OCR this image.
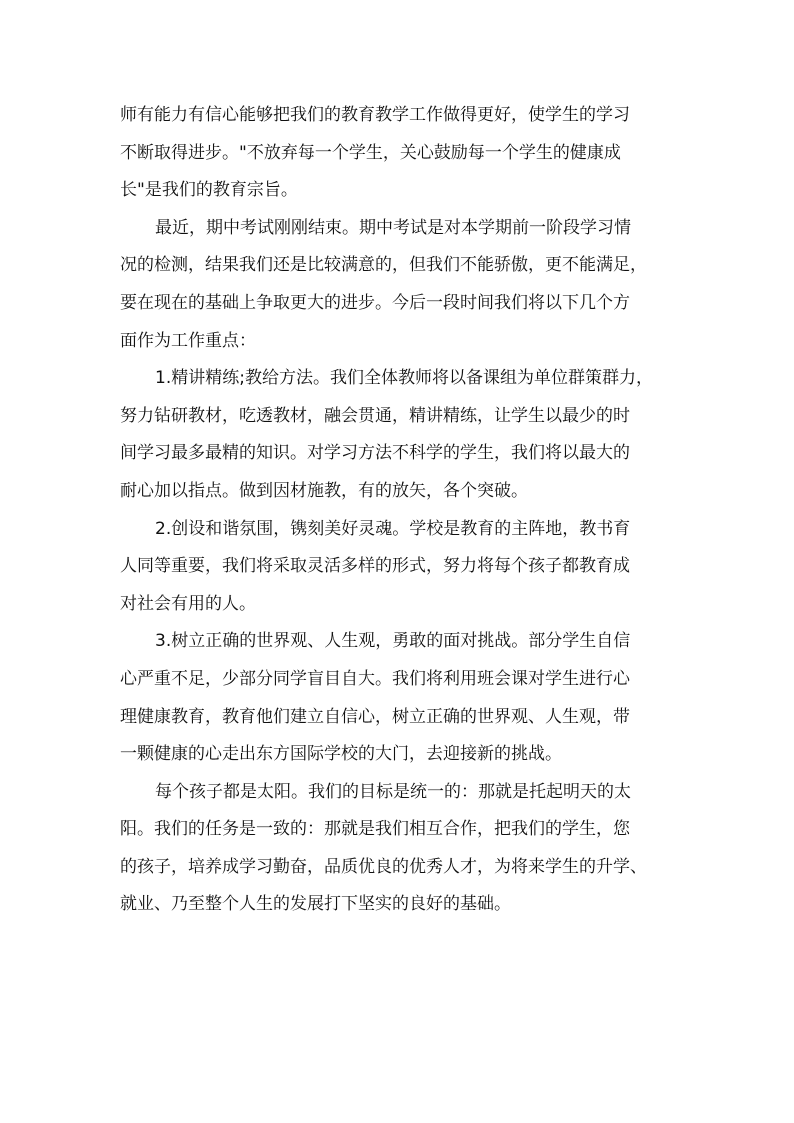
师有能力有信心能够把我们的教育教学工作做得更好，使学生的学习
不断取得进步。"不放弃每一个学生，关心鼓励每一个学生的健康成
长"是我们的教育宗旨。
最近，期中考试刚刚结束。期中考试是对本学期前一阶段学习情
况的检测，结果我们还是比较满意的，但我们不能骄傲，更不能满足，
要在现在的基础上争取更大的进步。今后一段时间我们将以下几个方
面作为工作重点：
1.精讲精练;教给方法。我们全体教师将以备课组为单位群策群力，
努力钻研教材，吃透教材，融会贯通，精讲精练，让学生以最少的时
间学习最多最精的知识。对学习方法不科学的学生，我们将以最大的
耐心加以指点。做到因材施教，有的放矢，各个突破。
2.创设和谐氛围，镌刻美好灵魂。学校是教育的主阵地，教书育
人同等重要，我们将采取灵活多样的形式，努力将每个孩子都教育成
对社会有用的人。
3.树立正确的世界观、人生观，勇敢的面对挑战。部分学生自信
心严重不足，少部分同学盲目自大。我们将利用班会课对学生进行心
理健康教育，教育他们建立自信心，树立正确的世界观、人生观，带
一颗健康的心走出东方国际学校的大门，去迎接新的挑战。
每个孩子都是太阳。我们的目标是统一的：那就是托起明天的太
阳。我们的任务是一致的：那就是我们相互合作，把我们的学生，您
的孩子，培养成学习勤奋，品质优良的优秀人才，为将来学生的升学、
就业、乃至整个人生的发展打下坚实的良好的基础。
